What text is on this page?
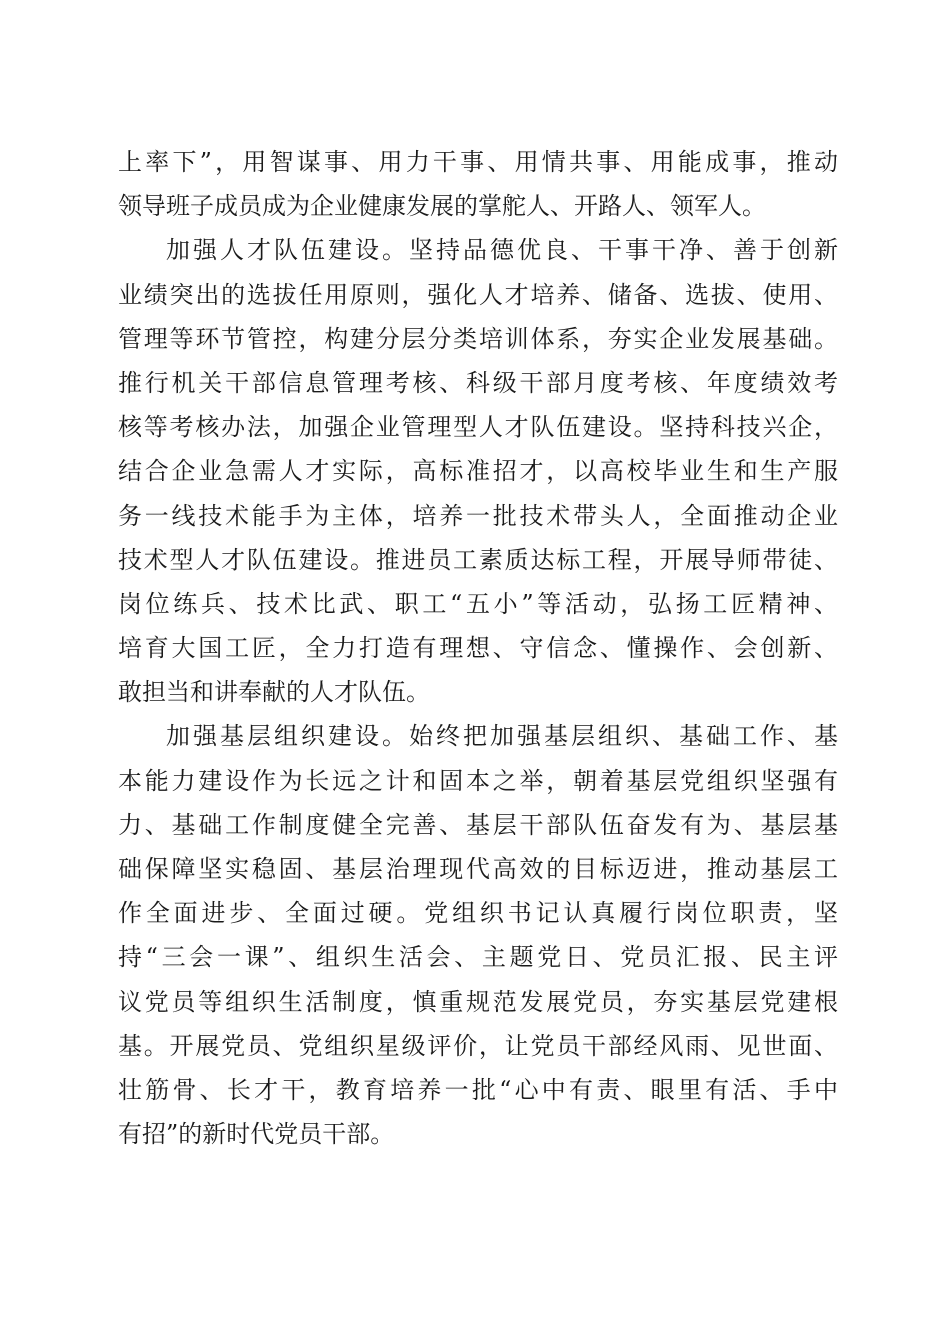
上率下”，用智谋事、用力干事、用情共事、用能成事，推动
领导班子成员成为企业健康发展的掌舵人、开路人、领军人。
加强人才队伍建设。坚持品德优良、干事干净、善于创新
业绩突出的选拔任用原则，强化人才培养、储备、选拔、使用、
管理等环节管控，构建分层分类培训体系，夯实企业发展基础。
推行机关干部信息管理考核、科级干部月度考核、年度绩效考
核等考核办法，加强企业管理型人才队伍建设。坚持科技兴企，
结合企业急需人才实际，高标准招才，以高校毕业生和生产服
务一线技术能手为主体，培养一批技术带头人，全面推动企业
技术型人才队伍建设。推进员工素质达标工程，开展导师带徒、
岗位练兵、技术比武、职工“五小”等活动，弘扬工匠精神、
培育大国工匠，全力打造有理想、守信念、懂操作、会创新、
敢担当和讲奉献的人才队伍。
加强基层组织建设。始终把加强基层组织、基础工作、基
本能力建设作为长远之计和固本之举，朝着基层党组织坚强有
力、基础工作制度健全完善、基层干部队伍奋发有为、基层基
础保障坚实稳固、基层治理现代高效的目标迈进，推动基层工
作全面进步、全面过硬。党组织书记认真履行岗位职责，坚
持“三会一课”、组织生活会、主题党日、党员汇报、民主评
议党员等组织生活制度，慎重规范发展党员，夯实基层党建根
基。开展党员、党组织星级评价，让党员干部经风雨、见世面、
壮筋骨、长才干，教育培养一批“心中有责、眼里有活、手中
有招”的新时代党员干部。
